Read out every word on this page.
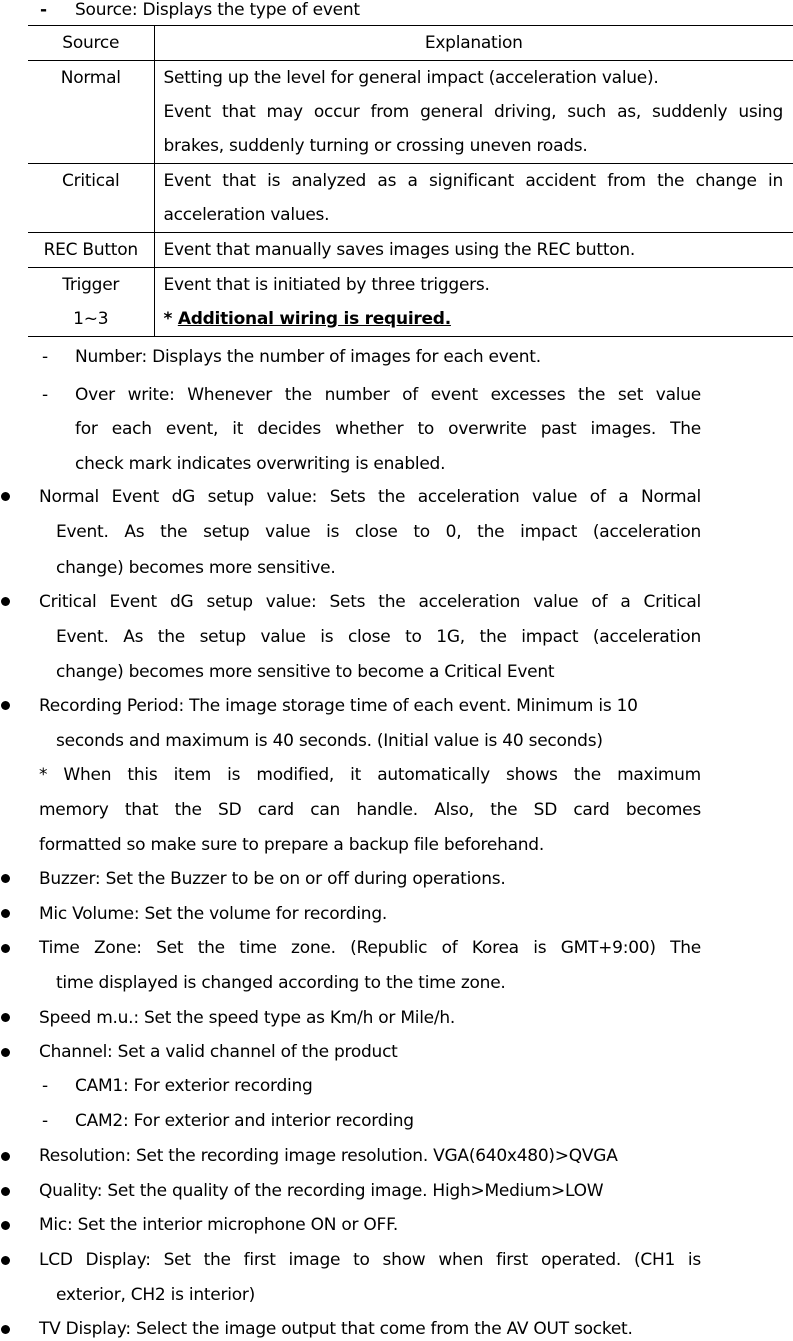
- Source: Displays the type of event
Source	Explanation

Normal	Setting up the level for general impact (acceleration value).
Event that may occur from general driving, such as, suddenly using
brakes, suddenly turning or crossing uneven roads.

Critical	Event that is analyzed as a significant accident from the change in
acceleration values.

REC Button	Event that manually saves images using the REC button.

Trigger
1~3	Event that is initiated by three triggers.
* Additional wiring is required.
- Number: Displays the number of images for each event.
- Over write: Whenever the number of event excesses the set value
for each event, it decides whether to overwrite past images. The
check mark indicates overwriting is enabled.
Normal Event dG setup value: Sets the acceleration value of a Normal
Event. As the setup value is close to 0, the impact (acceleration
change) becomes more sensitive.
Critical Event dG setup value: Sets the acceleration value of a Critical
Event. As the setup value is close to 1G, the impact (acceleration
change) becomes more sensitive to become a Critical Event
Recording Period: The image storage time of each event. Minimum is 10
seconds and maximum is 40 seconds. (Initial value is 40 seconds)
* When this item is modified, it automatically shows the maximum
memory that the SD card can handle. Also, the SD card becomes
formatted so make sure to prepare a backup file beforehand.
Buzzer: Set the Buzzer to be on or off during operations.
Mic Volume: Set the volume for recording.
Time Zone: Set the time zone. (Republic of Korea is GMT+9:00) The
time displayed is changed according to the time zone.
Speed m.u.: Set the speed type as Km/h or Mile/h.
Channel: Set a valid channel of the product
- CAM1: For exterior recording
- CAM2: For exterior and interior recording
Resolution: Set the recording image resolution. VGA(640x480)>QVGA
Quality: Set the quality of the recording image. High>Medium>LOW
Mic: Set the interior microphone ON or OFF.
LCD Display: Set the first image to show when first operated. (CH1 is
exterior, CH2 is interior)
TV Display: Select the image output that come from the AV OUT socket.
